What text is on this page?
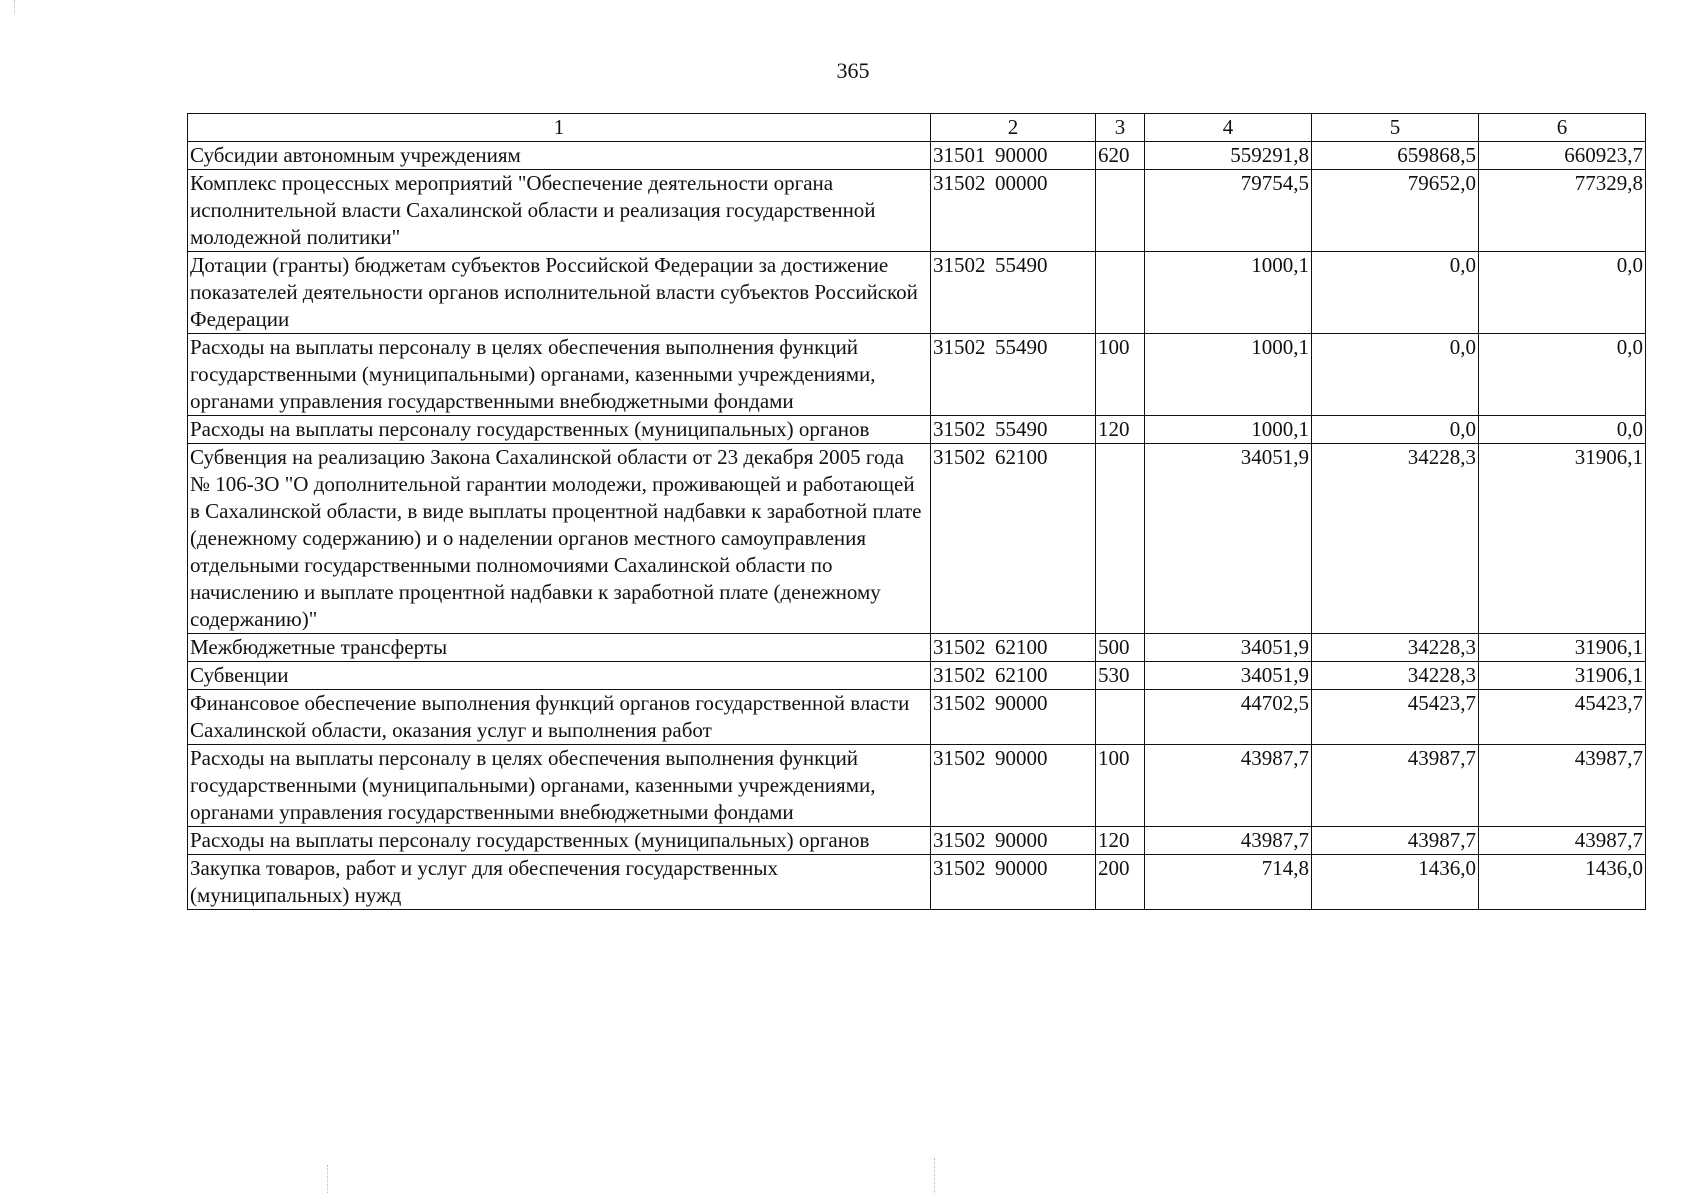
365
1	2	3	4	5	6
Субсидии автономным учреждениям	31501 90000	620	559291,8	659868,5	660923,7
Комплекс процессных мероприятий "Обеспечение деятельности органа исполнительной власти Сахалинской области и реализация государственной молодежной политики"	31502 00000		79754,5	79652,0	77329,8
Дотации (гранты) бюджетам субъектов Российской Федерации за достижение показателей деятельности органов исполнительной власти субъектов Российской Федерации	31502 55490		1000,1	0,0	0,0
Расходы на выплаты персоналу в целях обеспечения выполнения функций государственными (муниципальными) органами, казенными учреждениями, органами управления государственными внебюджетными фондами	31502 55490	100	1000,1	0,0	0,0
Расходы на выплаты персоналу государственных (муниципальных) органов	31502 55490	120	1000,1	0,0	0,0
Субвенция на реализацию Закона Сахалинской области от 23 декабря 2005 года № 106-ЗО "О дополнительной гарантии молодежи, проживающей и работающей в Сахалинской области, в виде выплаты процентной надбавки к заработной плате (денежному содержанию) и о наделении органов местного самоуправления отдельными государственными полномочиями Сахалинской области по начислению и выплате процентной надбавки к заработной плате (денежному содержанию)"	31502 62100		34051,9	34228,3	31906,1
Межбюджетные трансферты	31502 62100	500	34051,9	34228,3	31906,1
Субвенции	31502 62100	530	34051,9	34228,3	31906,1
Финансовое обеспечение выполнения функций органов государственной власти Сахалинской области, оказания услуг и выполнения работ	31502 90000		44702,5	45423,7	45423,7
Расходы на выплаты персоналу в целях обеспечения выполнения функций государственными (муниципальными) органами, казенными учреждениями, органами управления государственными внебюджетными фондами	31502 90000	100	43987,7	43987,7	43987,7
Расходы на выплаты персоналу государственных (муниципальных) органов	31502 90000	120	43987,7	43987,7	43987,7
Закупка товаров, работ и услуг для обеспечения государственных (муниципальных) нужд	31502 90000	200	714,8	1436,0	1436,0
